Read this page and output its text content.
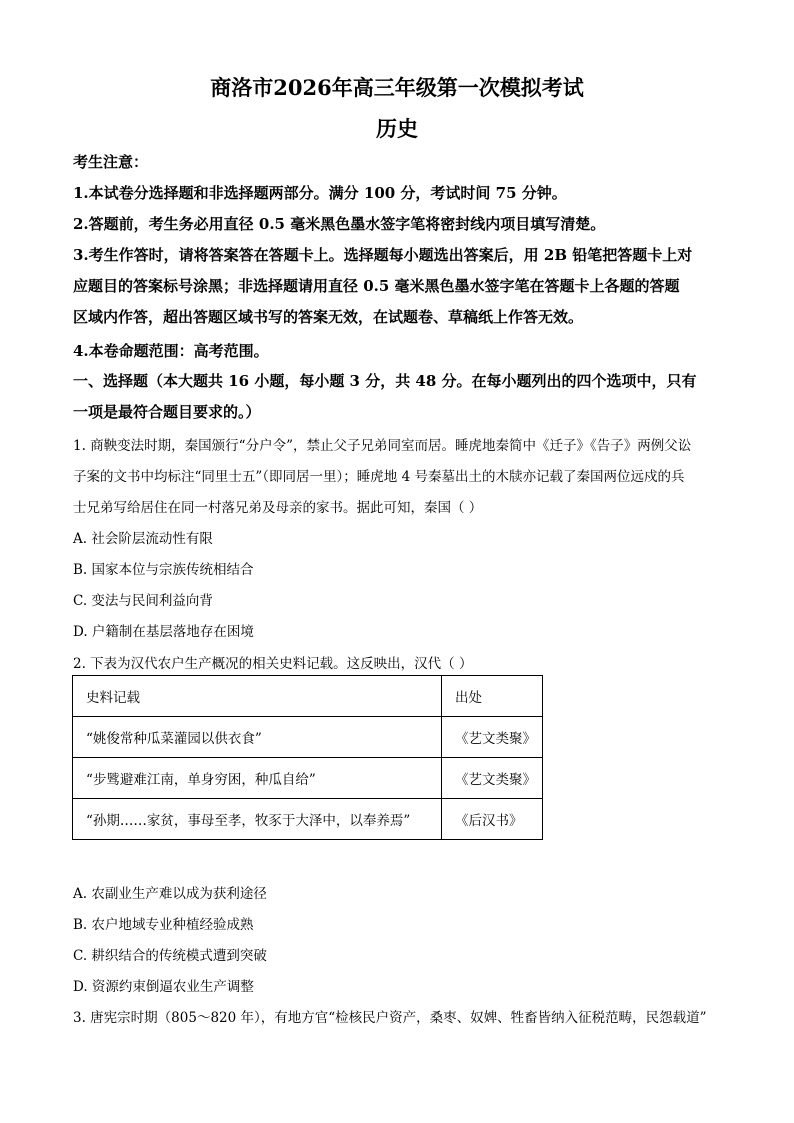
商洛市2026年高三年级第一次模拟考试
历史
考生注意：
1.本试卷分选择题和非选择题两部分。满分 100 分，考试时间 75 分钟。
2.答题前，考生务必用直径 0.5 毫米黑色墨水签字笔将密封线内项目填写清楚。
3.考生作答时，请将答案答在答题卡上。选择题每小题选出答案后，用 2B 铅笔把答题卡上对
应题目的答案标号涂黑；非选择题请用直径 0.5 毫米黑色墨水签字笔在答题卡上各题的答题
区域内作答，超出答题区域书写的答案无效，在试题卷、草稿纸上作答无效。
4.本卷命题范围：高考范围。
一、选择题（本大题共 16 小题，每小题 3 分，共 48 分。在每小题列出的四个选项中，只有
一项是最符合题目要求的。）
1. 商鞅变法时期，秦国颁行“分户令”，禁止父子兄弟同室而居。睡虎地秦简中《迁子》《告子》两例父讼
子案的文书中均标注“同里士五”（即同居一里）；睡虎地 4 号秦墓出土的木牍亦记载了秦国两位远戍的兵
士兄弟写给居住在同一村落兄弟及母亲的家书。据此可知，秦国（ ）
A. 社会阶层流动性有限
B. 国家本位与宗族传统相结合
C. 变法与民间利益向背
D. 户籍制在基层落地存在困境
2. 下表为汉代农户生产概况的相关史料记载。这反映出，汉代（ ）
史料记载	出处
“姚俊常种瓜菜灌园以供衣食”	《艺文类聚》
“步骘避难江南，单身穷困，种瓜自给”	《艺文类聚》
“孙期……家贫，事母至孝，牧豕于大泽中，以奉养焉”	《后汉书》
A. 农副业生产难以成为获利途径
B. 农户地域专业种植经验成熟
C. 耕织结合的传统模式遭到突破
D. 资源约束倒逼农业生产调整
3. 唐宪宗时期（805～820 年），有地方官“检核民户资产，桑枣、奴婢、牲畜皆纳入征税范畴，民怨载道”
